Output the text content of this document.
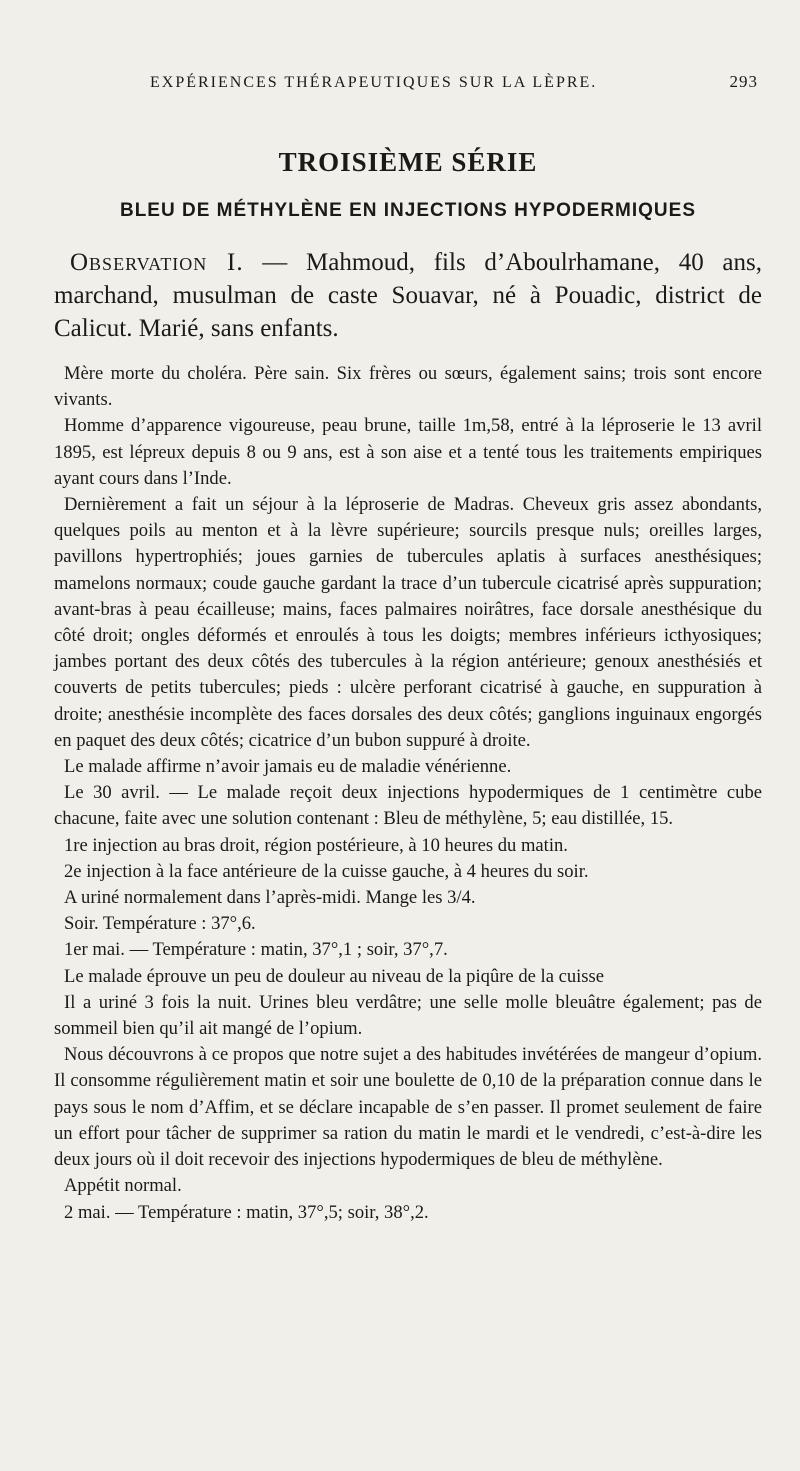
EXPÉRIENCES THÉRAPEUTIQUES SUR LA LÈPRE.	293
TROISIÈME SÉRIE
BLEU DE MÉTHYLÈNE EN INJECTIONS HYPODERMIQUES

Observation I. — Mahmoud, fils d’Aboulrhamane, 40 ans, marchand, musulman de caste Souavar, né à Pouadic, district de Calicut. Marié, sans enfants.

Mère morte du choléra. Père sain. Six frères ou sœurs, également sains; trois sont encore vivants.

Homme d’apparence vigoureuse, peau brune, taille 1m,58, entré à la léproserie le 13 avril 1895, est lépreux depuis 8 ou 9 ans, est à son aise et a tenté tous les traitements empiriques ayant cours dans l’Inde.

Dernièrement a fait un séjour à la léproserie de Madras. Cheveux gris assez abondants, quelques poils au menton et à la lèvre supérieure; sourcils presque nuls; oreilles larges, pavillons hypertrophiés; joues garnies de tubercules aplatis à surfaces anesthésiques; mamelons normaux; coude gauche gardant la trace d’un tubercule cicatrisé après suppuration; avant-bras à peau écailleuse; mains, faces palmaires noirâtres, face dorsale anesthésique du côté droit; ongles déformés et enroulés à tous les doigts; membres inférieurs icthyosiques; jambes portant des deux côtés des tubercules à la région antérieure; genoux anesthésiés et couverts de petits tubercules; pieds : ulcère perforant cicatrisé à gauche, en suppuration à droite; anesthésie incomplète des faces dorsales des deux côtés; ganglions inguinaux engorgés en paquet des deux côtés; cicatrice d’un bubon suppuré à droite.

Le malade affirme n’avoir jamais eu de maladie vénérienne.

Le 30 avril. — Le malade reçoit deux injections hypodermiques de 1 centimètre cube chacune, faite avec une solution contenant : Bleu de méthylène, 5; eau distillée, 15.

1re injection au bras droit, région postérieure, à 10 heures du matin.

2e injection à la face antérieure de la cuisse gauche, à 4 heures du soir.

A uriné normalement dans l’après-midi. Mange les 3/4.

Soir. Température : 37°,6.

1er mai. — Température : matin, 37°,1 ; soir, 37°,7.

Le malade éprouve un peu de douleur au niveau de la piqûre de la cuisse

Il a uriné 3 fois la nuit. Urines bleu verdâtre; une selle molle bleuâtre également; pas de sommeil bien qu’il ait mangé de l’opium.

Nous découvrons à ce propos que notre sujet a des habitudes invétérées de mangeur d’opium. Il consomme régulièrement matin et soir une boulette de 0,10 de la préparation connue dans le pays sous le nom d’Affim, et se déclare incapable de s’en passer. Il promet seulement de faire un effort pour tâcher de supprimer sa ration du matin le mardi et le vendredi, c’est-à-dire les deux jours où il doit recevoir des injections hypodermiques de bleu de méthylène.

Appétit normal.

2 mai. — Température : matin, 37°,5; soir, 38°,2.
